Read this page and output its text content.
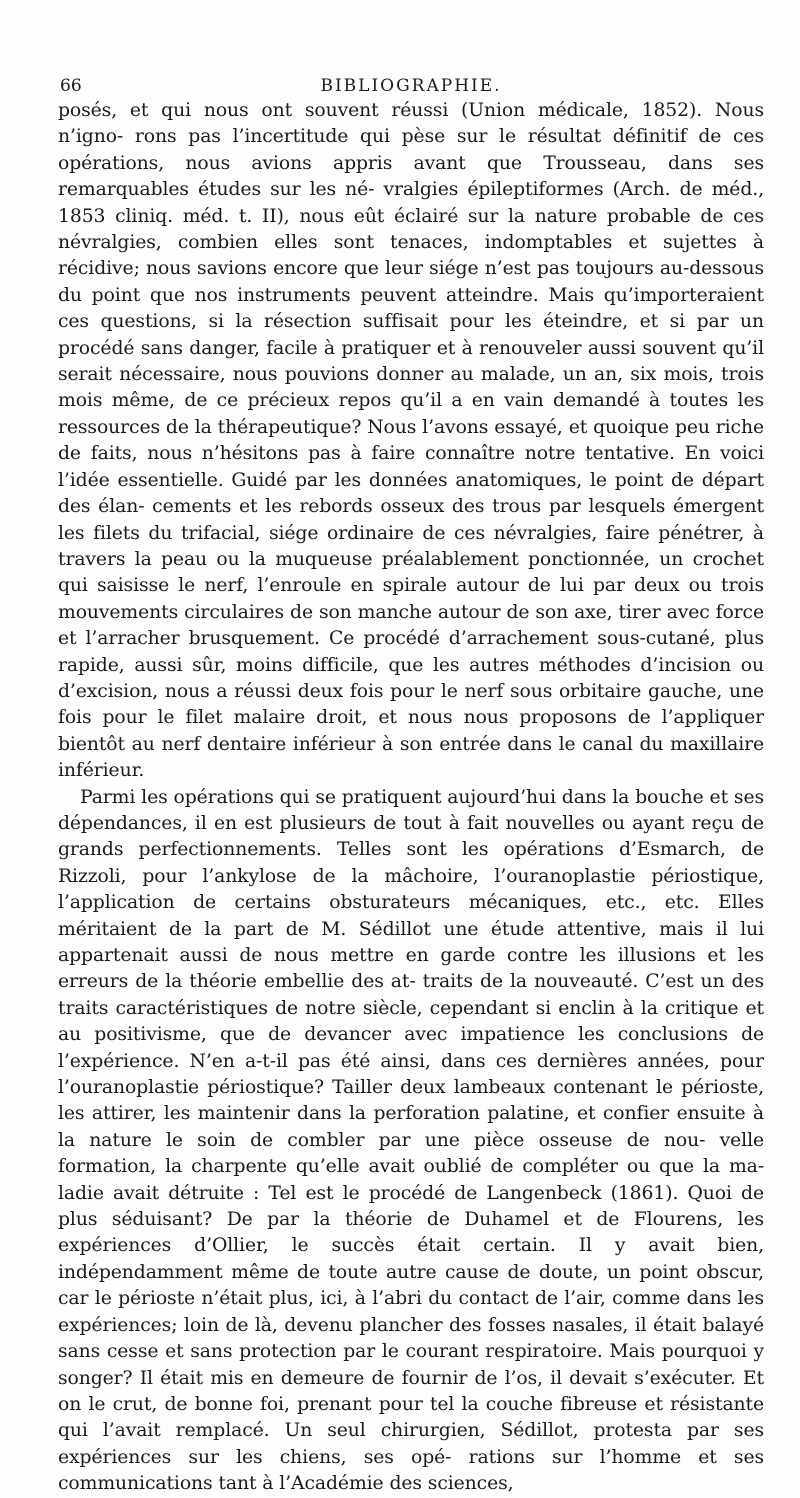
66	BIBLIOGRAPHIE.

posés, et qui nous ont souvent réussi (Union médicale, 1852). Nous n’igno- rons pas l’incertitude qui pèse sur le résultat définitif de ces opérations, nous avions appris avant que Trousseau, dans ses remarquables études sur les né- vralgies épileptiformes (Arch. de méd., 1853 cliniq. méd. t. II), nous eût éclairé sur la nature probable de ces névralgies, combien elles sont tenaces, indomptables et sujettes à récidive; nous savions encore que leur siége n’est pas toujours au-dessous du point que nos instruments peuvent atteindre. Mais qu’importeraient ces questions, si la résection suffisait pour les éteindre, et si par un procédé sans danger, facile à pratiquer et à renouveler aussi souvent qu’il serait nécessaire, nous pouvions donner au malade, un an, six mois, trois mois même, de ce précieux repos qu’il a en vain demandé à toutes les ressources de la thérapeutique? Nous l’avons essayé, et quoique peu riche de faits, nous n’hésitons pas à faire connaître notre tentative. En voici l’idée essentielle. Guidé par les données anatomiques, le point de départ des élan- cements et les rebords osseux des trous par lesquels émergent les filets du trifacial, siége ordinaire de ces névralgies, faire pénétrer, à travers la peau ou la muqueuse préalablement ponctionnée, un crochet qui saisisse le nerf, l’enroule en spirale autour de lui par deux ou trois mouvements circulaires de son manche autour de son axe, tirer avec force et l’arracher brusquement. Ce procédé d’arrachement sous-cutané, plus rapide, aussi sûr, moins difficile, que les autres méthodes d’incision ou d’excision, nous a réussi deux fois pour le nerf sous orbitaire gauche, une fois pour le filet malaire droit, et nous nous proposons de l’appliquer bientôt au nerf dentaire inférieur à son entrée dans le canal du maxillaire inférieur.

Parmi les opérations qui se pratiquent aujourd’hui dans la bouche et ses dépendances, il en est plusieurs de tout à fait nouvelles ou ayant reçu de grands perfectionnements. Telles sont les opérations d’Esmarch, de Rizzoli, pour l’ankylose de la mâchoire, l’ouranoplastie périostique, l’application de certains obsturateurs mécaniques, etc., etc. Elles méritaient de la part de M. Sédillot une étude attentive, mais il lui appartenait aussi de nous mettre en garde contre les illusions et les erreurs de la théorie embellie des at- traits de la nouveauté. C’est un des traits caractéristiques de notre siècle, cependant si enclin à la critique et au positivisme, que de devancer avec impatience les conclusions de l’expérience. N’en a-t-il pas été ainsi, dans ces dernières années, pour l’ouranoplastie périostique? Tailler deux lambeaux contenant le périoste, les attirer, les maintenir dans la perforation palatine, et confier ensuite à la nature le soin de combler par une pièce osseuse de nou- velle formation, la charpente qu’elle avait oublié de compléter ou que la ma- ladie avait détruite : Tel est le procédé de Langenbeck (1861). Quoi de plus séduisant? De par la théorie de Duhamel et de Flourens, les expériences d’Ollier, le succès était certain. Il y avait bien, indépendamment même de toute autre cause de doute, un point obscur, car le périoste n’était plus, ici, à l’abri du contact de l’air, comme dans les expériences; loin de là, devenu plancher des fosses nasales, il était balayé sans cesse et sans protection par le courant respiratoire. Mais pourquoi y songer? Il était mis en demeure de fournir de l’os, il devait s’exécuter. Et on le crut, de bonne foi, prenant pour tel la couche fibreuse et résistante qui l’avait remplacé. Un seul chirurgien, Sédillot, protesta par ses expériences sur les chiens, ses opé- rations sur l’homme et ses communications tant à l’Académie des sciences,
